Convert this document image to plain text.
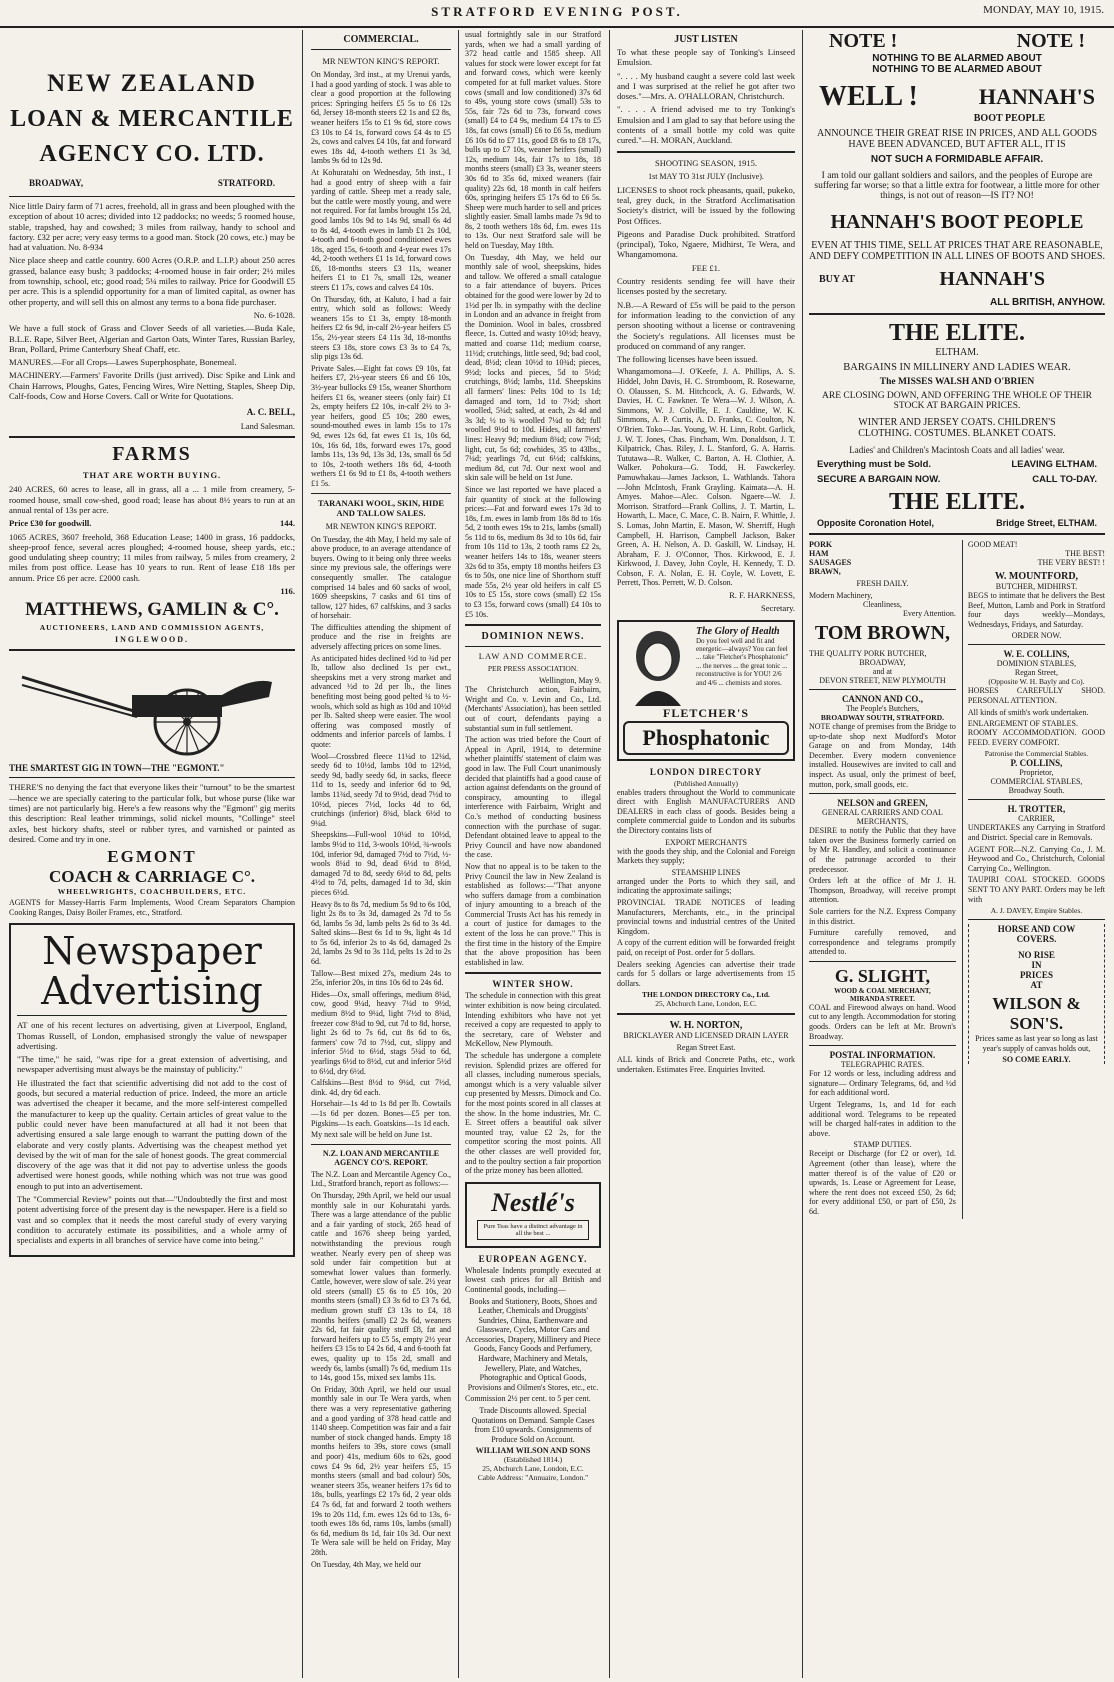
STRATFORD EVENING POST.	MONDAY, MAY 10, 1915.
NEW ZEALAND
LOAN & MERCANTILE
AGENCY CO. LTD.
BROADWAY,	STRATFORD.

Nice little Dairy farm of 71 acres, freehold, all in grass and been ploughed with the exception of about 10 acres; divided into 12 paddocks; no weeds; 5 roomed house, stable, trapshed, hay and cowshed; 3 miles from railway, handy to school and factory. £32 per acre; very easy terms to a good man. Stock (20 cows, etc.) may be had at valuation. No. 8-934

Nice place sheep and cattle country. 600 Acres (O.R.P. and L.I.P.) about 250 acres grassed, balance easy bush; 3 paddocks; 4-roomed house in fair order; 2½ miles from township, school, etc; good road; 5¼ miles to railway. Price for Goodwill £5 per acre. This is a splendid opportunity for a man of limited capital, as owner has other property, and will sell this on almost any terms to a bona fide purchaser.

No. 6-1028.

We have a full stock of Grass and Clover Seeds of all varieties.—Buda Kale, B.L.E. Rape, Silver Beet, Algerian and Garton Oats, Winter Tares, Russian Barley, Bran, Pollard, Prime Canterbury Sheaf Chaff, etc.

MANURES.—For all Crops—Lawes Superphosphate, Bonemeal.

MACHINERY.—Farmers' Favorite Drills (just arrived). Disc Spike and Link and Chain Harrows, Ploughs, Gates, Fencing Wires, Wire Netting, Staples, Sheep Dip, Calf-foods, Cow and Horse Covers. Call or Write for Quotations.

A. C. BELL,
Land Salesman.
FARMS
THAT ARE WORTH BUYING.

240 ACRES, 60 acres to lease, all in grass, all a ... 1 mile from creamery, 5-roomed house, small cow-shed, good road; lease has about 8½ years to run at an annual rental of 13s per acre.

Price £30 for goodwill.	144.

1065 ACRES, 3607 freehold, 368 Education Lease; 1400 in grass, 16 paddocks, sheep-proof fence, several acres ploughed; 4-roomed house, sheep yards, etc.; good undulating sheep country; 11 miles from railway, 5 miles from creamery, 2 miles from post office. Lease has 10 years to run. Rent of lease £18 18s per annum. Price £6 per acre. £2000 cash.

116.
MATTHEWS, GAMLIN & C°.
AUCTIONEERS, LAND AND COMMISSION AGENTS,
INGLEWOOD.
THE SMARTEST GIG IN TOWN—THE "EGMONT."

THERE'S no denying the fact that everyone likes their "turnout" to be the smartest—hence we are specially catering to the particular folk, but whose purse (like war times) are not particularly big. Here's a few reasons why the "Egmont" gig merits this description: Real leather trimmings, solid nickel mounts, "Collinge" steel axles, best hickory shafts, steel or rubber tyres, and varnished or painted as desired. Come and try in one.

EGMONT
COACH & CARRIAGE C°.
WHEELWRIGHTS, COACHBUILDERS, ETC.

AGENTS for Massey-Harris Farm Implements, Wood Cream Separators Champion Cooking Ranges, Daisy Boiler Frames, etc., Stratford.

Newspaper
Advertising

AT one of his recent lectures on advertising, given at Liverpool, England, Thomas Russell, of London, emphasised strongly the value of newspaper advertising.

"The time," he said, "was ripe for a great extension of advertising, and newspaper advertising must always be the mainstay of publicity."

He illustrated the fact that scientific advertising did not add to the cost of goods, but secured a material reduction of price. Indeed, the more an article was advertised the cheaper it became, and the more self-interest compelled the manufacturer to keep up the quality. Certain articles of great value to the public could never have been manufactured at all had it not been that advertising ensured a sale large enough to warrant the putting down of the elaborate and very costly plants. Advertising was the cheapest method yet devised by the wit of man for the sale of honest goods. The great commercial discovery of the age was that it did not pay to advertise unless the goods advertised were honest goods, while nothing which was not true was good enough to put into an advertisement.

The "Commercial Review" points out that—"Undoubtedly the first and most potent advertising force of the present day is the newspaper. Here is a field so vast and so complex that it needs the most careful study of every varying condition to accurately estimate its possibilities, and a whole army of specialists and experts in all branches of service have come into being."

COMMERCIAL.
MR NEWTON KING'S REPORT.

On Monday, 3rd inst., at my Urenui yards, I had a good yarding of stock. I was able to clear a good proportion at the following prices: Springing heifers £5 5s to £6 12s 6d, Jersey 18-month steers £2 1s and £2 8s, weaner heifers 15s to £1 9s 6d, store cows £3 10s to £4 1s, forward cows £4 4s to £5 2s, cows and calves £4 10s, fat and forward ewes 18s 4d, 4-tooth wethers £1 3s 3d, lambs 9s 6d to 12s 9d.

At Kohuratahi on Wednesday, 5th inst., I had a good entry of sheep with a fair yarding of cattle. Sheep met a ready sale, but the cattle were mostly young, and were not required. For fat lambs brought 15s 2d, good lambs 10s 9d to 14s 9d, small 6s 4d to 8s 4d, 4-tooth ewes in lamb £1 2s 10d, 4-tooth and 6-tooth good conditioned ewes 18s, aged 15s, 6-tooth and 4-year ewes 17s 4d, 2-tooth wethers £1 1s 1d, forward cows £6, 18-months steers £3 11s, weaner heifers £1 to £1 7s, small 12s, weaner steers £1 17s, cows and calves £4 10s.

On Thursday, 6th, at Kaluto, I had a fair entry, which sold as follows: Weedy weaners 15s to £1 3s, empty 18-month heifers £2 6s 9d, in-calf 2½-year heifers £5 15s, 2½-year steers £4 11s 3d, 18-months steers £3 18s, store cows £3 3s to £4 7s, slip pigs 13s 6d.

Private Sales.—Eight fat cows £9 10s, fat heifers £7, 2½-year steers £6 and £6 10s, 3½-year bullocks £9 15s, weaner Shorthorn heifers £1 6s, weaner steers (only fair) £1 2s, empty heifers £2 10s, in-calf 2½ to 3-year heifers, good £5 10s; 280 ewes, sound-mouthed ewes in lamb 15s to 17s 9d, ewes 12s 6d, fat ewes £1 1s, 10s 6d, 10s, 16s 6d, 18s, forward ewes 17s, good lambs 11s, 13s 9d, 13s 3d, 13s, small 6s 5d to 10s, 2-tooth wethers 18s 6d, 4-tooth wethers £1 6s 9d to £1 8s, 4-tooth wethers £1 5s.

TARANAKI WOOL, SKIN, HIDE AND TALLOW SALES.
MR NEWTON KING'S REPORT.

On Tuesday, the 4th May, I held my sale of above produce, to an average attendance of buyers. Owing to it being only three weeks since my previous sale, the offerings were consequently smaller. The catalogue comprised 14 bales and 60 sacks of wool, 1609 sheepskins, 7 casks and 61 tins of tallow, 127 hides, 67 calfskins, and 3 sacks of horsehair.

The difficulties attending the shipment of produce and the rise in freights are adversely affecting prices on some lines.

As anticipated hides declined ½d to ¾d per lb, tallow also declined 1s per cwt., sheepskins met a very strong market and advanced ½d to 2d per lb., the lines benefiting most being good pelted ¼ to ½-wools, which sold as high as 10d and 10½d per lb. Salted sheep were easier. The wool offering was composed mostly of oddments and inferior parcels of lambs. I quote:

Wool—Crossbred fleece 11¼d to 12¼d, seedy 6d to 10½d, lambs 10d to 12½d, seedy 9d, badly seedy 6d, in sacks, fleece 11d to 1s, seedy and inferior 6d to 9d, lambs 11¾d, seedy 7d to 9½d, dead 7½d to 10½d, pieces 7½d, locks 4d to 6d, crutchings (inferior) 8¾d, black 6½d to 9¼d.

Sheepskins—Full-wool 10¼d to 10½d, lambs 9½d to 11d, 3-wools 10½d, ¾-wools 10d, inferior 9d, damaged 7½d to 7½d, ½-wools 8¼d to 9d, dead 6½d to 8½d, damaged 7d to 8d, seedy 6½d to 8d, pelts 4½d to 7d, pelts, damaged 1d to 3d, skin pieces 6½d.

Heavy 8s to 8s 7d, medium 5s 9d to 6s 10d, light 2s 8s to 3s 3d, damaged 2s 7d to 5s 6d, lambs 5s 3d, lamb pelts 2s 6d to 3s 4d. Salted skins—Best 6s 1d to 9s, light 4s 1d to 5s 6d, inferior 2s to 4s 6d, damaged 2s 2d, lambs 2s 9d to 3s 11d, pelts 1s 2d to 2s 6d.

Tallow—Best mixed 27s, medium 24s to 25s, inferior 20s, in tins 10s 6d to 24s 6d.

Hides—Ox, small offerings, medium 8¼d, cow, good 9¼d, heavy 7¼d to 9½d, medium 8½d to 9¼d, light 7½d to 8¾d, freezer cow 8¼d to 9d, cut 7d to 8d, horse, light 2s 6d to 7s 6d, cut 8s 6d to 6s, farmers' cow 7d to 7½d, cut, slippy and inferior 5½d to 6½d, stags 5¼d to 6d, yearlings 6½d to 8½d, cut and inferior 5½d to 6½d, dry 6½d.

Calfskins—Best 8½d to 9¼d, cut 7½d, dink. 4d, dry 6d each.

Horsehair—1s 4d to 1s 8d per lb. Cowtails—1s 6d per dozen. Bones—£5 per ton. Pigskins—1s each. Goatskins—1s 1d each.

My next sale will be held on June 1st.

N.Z. LOAN AND MERCANTILE AGENCY CO'S. REPORT.

The N.Z. Loan and Mercantile Agency Co., Ltd., Stratford branch, report as follows:—

On Thursday, 29th April, we held our usual monthly sale in our Kohuratahi yards. There was a large attendance of the public and a fair yarding of stock, 265 head of cattle and 1676 sheep being yarded, notwithstanding the previous rough weather. Nearly every pen of sheep was sold under fair competition but at somewhat lower values than formerly. Cattle, however, were slow of sale. 2½ year old steers (small) £5 6s to £5 10s, 20 months steers (small) £3 3s 6d to £3 7s 6d, medium grown stuff £3 13s to £4, 18 months heifers (small) £2 2s 6d, weaners 22s 6d, fat fair quality stuff £8, fat and forward heifers up to £5 5s, empty 2½ year heifers £3 15s to £4 2s 6d, 4 and 6-tooth fat ewes, quality up to 15s 2d, small and weedy 6s, lambs (small) 7s 6d, medium 11s to 14s, good 15s, mixed sex lambs 11s.

On Friday, 30th April, we held our usual monthly sale in our Te Wera yards, when there was a very representative gathering and a good yarding of 378 head cattle and 1140 sheep. Competition was fair and a fair number of stock changed hands. Empty 18 months heifers to 39s, store cows (small and poor) 41s, medium 60s to 62s, good cows £4 9s 6d, 2½ year heifers £5, 15 months steers (small and bad colour) 50s, weaner steers 35s, weaner heifers 17s 6d to 18s, bulls, yearlings £2 17s 6d, 2 year olds £4 7s 6d, fat and forward 2 tooth wethers 19s to 20s 11d, f.m. ewes 12s 6d to 13s, 6-tooth ewes 18s 6d, rams 10s, lambs (small) 6s 6d, medium 8s 1d, fair 10s 3d. Our next Te Wera sale will be held on Friday, May 28th.

On Tuesday, 4th May, we held our

usual fortnightly sale in our Stratford yards, when we had a small yarding of 372 head cattle and 1585 sheep. All values for stock were lower except for fat and forward cows, which were keenly competed for at full market values. Store cows (small and low conditioned) 37s 6d to 49s, young store cows (small) 53s to 55s, fair 72s 6d to 73s, forward cows (small) £4 to £4 9s, medium £4 17s to £5 18s, fat cows (small) £6 to £6 5s, medium £6 10s 6d to £7 11s, good £8 6s to £8 17s, bulls up to £7 10s, weaner heifers (small) 12s, medium 14s, fair 17s to 18s, 18 months steers (small) £3 3s, weaner steers 30s 6d to 35s 6d, mixed weaners (fair quality) 22s 6d, 18 month in calf heifers 60s, springing heifers £5 17s 6d to £6 5s. Sheep were much harder to sell and prices slightly easier. Small lambs made 7s 9d to 8s, 2 tooth wethers 18s 6d, f.m. ewes 11s to 13s. Our next Stratford sale will be held on Tuesday, May 18th.

On Tuesday, 4th May, we held our monthly sale of wool, sheepskins, hides and tallow. We offered a small catalogue to a fair attendance of buyers. Prices obtained for the good were lower by 2d to 1½d per lb. in sympathy with the decline in London and an advance in freight from the Dominion. Wool in bales, crossbred fleece, 1s. Cutted and wasty 10½d; heavy, matted and coarse 11d; medium coarse, 11½d; crutchings, little seed, 9d; bad cool, dead, 8½d; clean 10½d to 10¾d; pieces, 9½d; locks and pieces, 5d to 5½d; crutchings, 8½d; lambs, 11d. Sheepskins all farmers' lines: Pelts 10d to 1s 1d; damaged and torn, 1d to 7½d; short woolled, 5¼d; salted, at each, 2s 4d and 3s 3d; ½ to ¾ woolled 7¼d to 8d; full woolled 9½d to 10d. Hides, all farmers' lines: Heavy 9d; medium 8¾d; cow 7½d; light, cut, 5s 6d; cowhides, 35 to 43lbs., 7¼d; yearlings 7d, cut 6½d; calfskins, medium 8d, cut 7d. Our next wool and skin sale will be held on 1st June.

Since we last reported we have placed a fair quantity of stock at the following prices:—Fat and forward ewes 17s 3d to 18s, f.m. ewes in lamb from 18s 8d to 16s 5d, 2 tooth ewes 19s to 21s, lambs (small) 5s 11d to 6s, medium 8s 3d to 10s 6d, fair from 10s 11d to 13s, 2 tooth rams £2 2s, weaner heifers 14s to 18s, weaner steers 32s 6d to 35s, empty 18 months heifers £3 6s to 50s, one nice line of Shorthorn stuff made 55s, 2½ year old heifers in calf £5 10s to £5 15s, store cows (small) £2 15s to £3 15s, forward cows (small) £4 10s to £5 10s.

DOMINION NEWS.
LAW AND COMMERCE.
PER PRESS ASSOCIATION.
Wellington, May 9.

The Christchurch action, Fairbairn, Wright and Co. v. Levin and Co., Ltd. (Merchants' Association), has been settled out of court, defendants paying a substantial sum in full settlement.

The action was tried before the Court of Appeal in April, 1914, to determine whether plaintiffs' statement of claim was good in law. The Full Court unanimously decided that plaintiffs had a good cause of action against defendants on the ground of conspiracy, amounting to illegal interference with Fairbairn, Wright and Co.'s method of conducting business connection with the purchase of sugar. Defendant obtained leave to appeal to the Privy Council and have now abandoned the case.

Now that no appeal is to be taken to the Privy Council the law in New Zealand is established as follows:—"That anyone who suffers damage from a combination of injury amounting to a breach of the Commercial Trusts Act has his remedy in a court of justice for damages to the extent of the loss he can prove." This is the first time in the history of the Empire that the above proposition has been established in law.

WINTER SHOW.

The schedule in connection with this great winter exhibition is now being circulated. Intending exhibitors who have not yet received a copy are requested to apply to the secretary, care of Webster and McKellow, New Plymouth.

The schedule has undergone a complete revision. Splendid prizes are offered for all classes, including numerous specials, amongst which is a very valuable silver cup presented by Messrs. Dimock and Co. for the most points scored in all classes at the show. In the home industries, Mr. C. E. Street offers a beautiful oak silver mounted tray, value £2 2s, for the competitor scoring the most points. All the other classes are well provided for, and to the poultry section a fair proportion of the prize money has been allotted.

Nestlé's
Pure Teas have a distinct advantage in all the best ...
EUROPEAN AGENCY.

Wholesale Indents promptly executed at lowest cash prices for all British and Continental goods, including—

Books and Stationery, Boots, Shoes and Leather, Chemicals and Druggists' Sundries, China, Earthenware and Glassware, Cycles, Motor Cars and Accessories, Drapery, Millinery and Piece Goods, Fancy Goods and Perfumery, Hardware, Machinery and Metals, Jewellery, Plate, and Watches, Photographic and Optical Goods, Provisions and Oilmen's Stores, etc., etc.

Commission 2½ per cent. to 5 per cent.

Trade Discounts allowed. Special Quotations on Demand. Sample Cases from £10 upwards. Consignments of Produce Sold on Account.

WILLIAM WILSON AND SONS
(Established 1814.)
25, Abchurch Lane, London, E.C.
Cable Address: "Annuaire, London."
JUST LISTEN

To what these people say of Tonking's Linseed Emulsion.

". . . . My husband caught a severe cold last week and I was surprised at the relief he got after two doses."—Mrs. A. O'HALLORAN, Christchurch.

". . . . A friend advised me to try Tonking's Emulsion and I am glad to say that before using the contents of a small bottle my cold was quite cured."—H. MORAN, Auckland.

SHOOTING SEASON, 1915.
1st MAY TO 31st JULY (Inclusive).

LICENSES to shoot rock pheasants, quail, pukeko, teal, grey duck, in the Stratford Acclimatisation Society's district, will be issued by the following Post Offices.

Pigeons and Paradise Duck prohibited. Stratford (principal), Toko, Ngaere, Midhirst, Te Wera, and Whangamomona.

FEE £1.

Country residents sending fee will have their licenses posted by the secretary.

N.B.—A Reward of £5s will be paid to the person for information leading to the conviction of any person shooting without a license or contravening the Society's regulations. All licenses must be produced on command of any ranger.

The following licenses have been issued.

Whangamomona—J. O'Keefe, J. A. Phillips, A. S. Hiddel, John Davis, H. C. Stromboom, R. Rosewarne, O. Olaussen, S. M. Hitchcock, A. G. Edwards, W. Davies, H. C. Fawkner. Te Wera—W. J. Wilson, A. Simmons, W. J. Colville, E. J. Cauldine, W. K. Simmons, A. P. Curtis, A. D. Franks, C. Coulton, N. O'Brien. Toko—Jas. Young, W. H. Linn, Robt. Garlick, J. W. T. Jones, Chas. Fincham, Wm. Donaldson, J. T. Kilpatrick, Chas. Riley, J. L. Stanford, G. A. Harris. Tututawa—R. Walker, C. Barton, A. H. Clothier, A. Walker. Pohokura—G. Todd, H. Fawckerley. Pamuwhakau—James Jackson, L. Wathlands. Tahora—John McIntosh, Frank Grayling. Kaimata—A. H. Amyes. Mahoe—Alec. Colson. Ngaere—W. J. Morrison. Stratford—Frank Collins, J. T. Martin, L. Howarth, L. Mace, C. Mace, C. B. Nairn, F. Whittle, J. S. Lomas, John Martin, E. Mason, W. Sherriff, Hugh Campbell, H. Harrison, Campbell Jackson, Baker Green, A. H. Nelson, A. D. Gaskill, W. Lindsay, H. Abraham, F. J. O'Connor, Thos. Kirkwood, E. J. Kirkwood, J. Davey, John Coyle, H. Kennedy, T. D. Cobson, F. A. Nolan, E. H. Coyle, W. Lovett, E. Perrett, Thos. Perrett, W. D. Colson.

R. F. HARKNESS,
Secretary.
The Glory of Health
Do you feel well and fit and energetic—always? You can feel ... take "Fletcher's Phosphatonic" ... the nerves ... the great tonic ... reconstructive is for YOU! 2/6 and 4/6 ... chemists and stores.
FLETCHER'S
Phosphatonic
LONDON DIRECTORY
(Published Annually)

enables traders throughout the World to communicate direct with English MANUFACTURERS AND DEALERS in each class of goods. Besides being a complete commercial guide to London and its suburbs the Directory contains lists of

EXPORT MERCHANTS

with the goods they ship, and the Colonial and Foreign Markets they supply;

STEAMSHIP LINES

arranged under the Ports to which they sail, and indicating the approximate sailings;

PROVINCIAL TRADE NOTICES of leading Manufacturers, Merchants, etc., in the principal provincial towns and industrial centres of the United Kingdom.

A copy of the current edition will be forwarded freight paid, on receipt of Post. order for 5 dollars.

Dealers seeking Agencies can advertise their trade cards for 5 dollars or large advertisements from 15 dollars.

THE LONDON DIRECTORY Co., Ltd.
25, Abchurch Lane, London, E.C.
W. H. NORTON,
BRICKLAYER AND LICENSED DRAIN LAYER
Regan Street East.

ALL kinds of Brick and Concrete Paths, etc., work undertaken. Estimates Free. Enquiries Invited.

NOTE !	NOTE !
NOTHING TO BE ALARMED ABOUT
NOTHING TO BE ALARMED ABOUT
WELL !	HANNAH'S
BOOT PEOPLE
ANNOUNCE THEIR GREAT RISE IN PRICES, AND ALL GOODS HAVE BEEN ADVANCED, BUT AFTER ALL, IT IS
NOT SUCH A FORMIDABLE AFFAIR.
I am told our gallant soldiers and sailors, and the peoples of Europe are suffering far worse; so that a little extra for footwear, a little more for other things, is not out of reason—IS IT? NO!
HANNAH'S BOOT PEOPLE
EVEN AT THIS TIME, SELL AT PRICES THAT ARE REASONABLE, AND DEFY COMPETITION IN ALL LINES OF BOOTS AND SHOES.
BUY AT	HANNAH'S
ALL BRITISH, ANYHOW.
THE ELITE.
ELTHAM.
BARGAINS IN MILLINERY AND LADIES WEAR.
The MISSES WALSH AND O'BRIEN
ARE CLOSING DOWN, AND OFFERING THE WHOLE OF THEIR STOCK AT BARGAIN PRICES.
WINTER AND JERSEY COATS. CHILDREN'S CLOTHING. COSTUMES. BLANKET COATS.
Ladies' and Children's Macintosh Coats and all ladies' wear.
Everything must be Sold.	LEAVING ELTHAM.
SECURE A BARGAIN NOW.	CALL TO-DAY.
THE ELITE.
Opposite Coronation Hotel,	Bridge Street, ELTHAM.
PORK
HAM
SAUSAGES
BRAWN,
FRESH DAILY.
Modern Machinery,
Cleanliness,
Every Attention.
TOM BROWN,
THE QUALITY PORK BUTCHER,
BROADWAY,
and at
DEVON STREET, NEW PLYMOUTH
CANNON AND CO.,
The People's Butchers,
BROADWAY SOUTH, STRATFORD.

NOTE change of premises from the Bridge to up-to-date shop next Mudford's Motor Garage on and from Monday, 14th December. Every modern convenience installed. Housewives are invited to call and inspect. As usual, only the primest of beef, mutton, pork, small goods, etc.

NELSON and GREEN,
GENERAL CARRIERS AND COAL MERCHANTS,

DESIRE to notify the Public that they have taken over the Business formerly carried on by Mr R. Handley, and solicit a continuance of the patronage accorded to their predecessor.

Orders left at the office of Mr J. H. Thompson, Broadway, will receive prompt attention.

Sole carriers for the N.Z. Express Company in this district.

Furniture carefully removed, and correspondence and telegrams promptly attended to.

G. SLIGHT,
WOOD & COAL MERCHANT,
MIRANDA STREET.

COAL and Firewood always on hand. Wood cut to any length. Accommodation for storing goods. Orders can be left at Mr. Brown's Broadway.

POSTAL INFORMATION.
TELEGRAPHIC RATES.

For 12 words or less, including address and signature— Ordinary Telegrams, 6d, and ½d for each additional word.

Urgent Telegrams, 1s, and 1d for each additional word. Telegrams to be repeated will be charged half-rates in addition to the above.

STAMP DUTIES.

Receipt or Discharge (for £2 or over), 1d. Agreement (other than lease), where the matter thereof is of the value of £20 or upwards, 1s. Lease or Agreement for Lease, where the rent does not exceed £50, 2s 6d; for every additional £50, or part of £50, 2s 6d.

GOOD MEAT!
THE BEST!
THE VERY BEST! !
W. MOUNTFORD,
BUTCHER, MIDHIRST.

BEGS to intimate that he delivers the Best Beef, Mutton, Lamb and Pork in Stratford four days weekly—Mondays, Wednesdays, Fridays, and Saturday.

ORDER NOW.
W. E. COLLINS,
DOMINION STABLES,
Regan Street,
(Opposite W. H. Bayly and Co).

HORSES CAREFULLY SHOD. PERSONAL ATTENTION.

All kinds of smith's work undertaken.

ENLARGEMENT OF STABLES.

ROOMY ACCOMMODATION. GOOD FEED. EVERY COMFORT.

Patronise the Commercial Stables.
P. COLLINS,
Proprietor,
COMMERCIAL STABLES,
Broadway South.
H. TROTTER,
CARRIER,

UNDERTAKES any Carrying in Stratford and District. Special care in Removals.

AGENT FOR—N.Z. Carrying Co., J. M. Heywood and Co., Christchurch, Colonial Carrying Co., Wellington.

TAUPIRI COAL STOCKED. GOODS SENT TO ANY PART. Orders may be left with

A. J. DAVEY, Empire Stables.
HORSE AND COW
COVERS.
NO RISE
IN
PRICES
AT
WILSON &
SON'S.

Prices same as last year so long as last year's supply of canvas holds out,

SO COME EARLY.
